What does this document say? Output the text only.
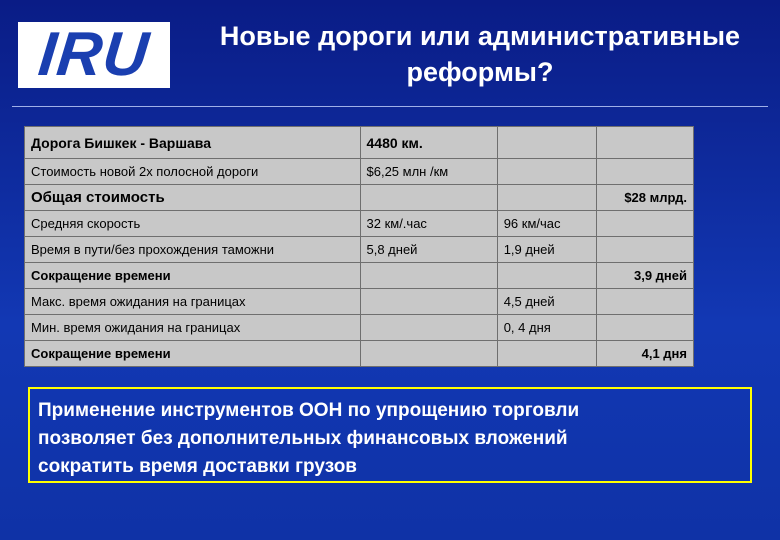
IRU	Новые дороги или административные
реформы?
Дорога Бишкек - Варшава	4480 км.		
Стоимость новой 2х полосной дороги	$6,25 млн /км		
Общая стоимость			$28 млрд.
Средняя скорость	32 км/.час	96 км/час	
Время в пути/без прохождения таможни	5,8 дней	1,9 дней	
Сокращение времени			3,9 дней
Макс. время ожидания на границах		4,5 дней	
Мин. время ожидания на границах		0, 4 дня	
Сокращение времени			4,1 дня
Применение инструментов ООН по упрощению торговли
позволяет без дополнительных финансовых вложений
сократить время доставки грузов
